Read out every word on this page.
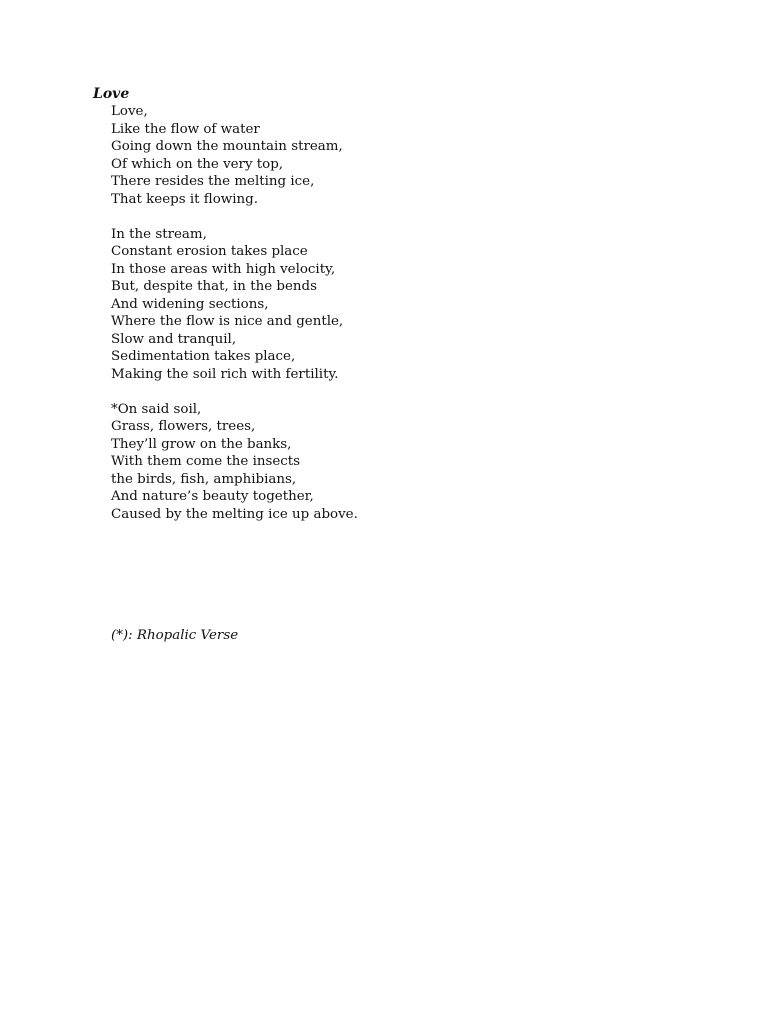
Love

Love,
Like the flow of water
Going down the mountain stream,
Of which on the very top,
There resides the melting ice,
That keeps it flowing.

In the stream,
Constant erosion takes place
In those areas with high velocity,
But, despite that, in the bends
And widening sections,
Where the flow is nice and gentle,
Slow and tranquil,
Sedimentation takes place,
Making the soil rich with fertility.

*On said soil,
Grass, flowers, trees,
They’ll grow on the banks,
With them come the insects
the birds, fish, amphibians,
And nature’s beauty together,
Caused by the melting ice up above.

(*): Rhopalic Verse
